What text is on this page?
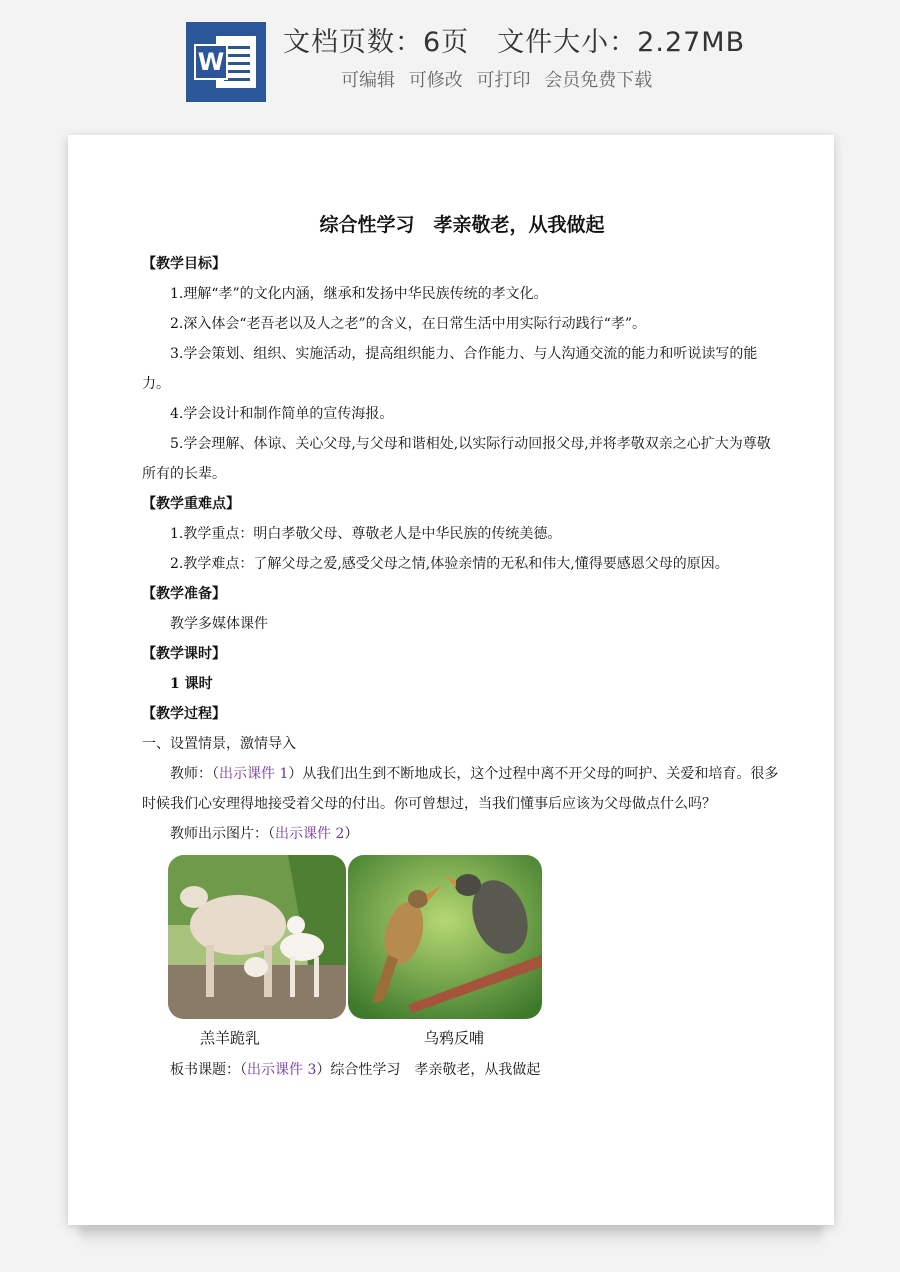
W
文档页数：6页 文件大小：2.27MB
可编辑 可修改 可打印 会员免费下载
综合性学习　孝亲敬老，从我做起

【教学目标】

1.理解“孝”的文化内涵，继承和发扬中华民族传统的孝文化。

2.深入体会“老吾老以及人之老”的含义，在日常生活中用实际行动践行“孝”。

3.学会策划、组织、实施活动，提高组织能力、合作能力、与人沟通交流的能力和听说读写的能力。

4.学会设计和制作简单的宣传海报。

5.学会理解、体谅、关心父母,与父母和谐相处,以实际行动回报父母,并将孝敬双亲之心扩大为尊敬所有的长辈。

【教学重难点】

1.教学重点：明白孝敬父母、尊敬老人是中华民族的传统美德。

2.教学难点：了解父母之爱,感受父母之情,体验亲情的无私和伟大,懂得要感恩父母的原因。

【教学准备】

教学多媒体课件

【教学课时】

1 课时

【教学过程】

一、设置情景，激情导入

教师：（出示课件 1）从我们出生到不断地成长，这个过程中离不开父母的呵护、关爱和培育。很多时候我们心安理得地接受着父母的付出。你可曾想过，当我们懂事后应该为父母做点什么吗？

教师出示图片：（出示课件 2）

羔羊跪乳	乌鸦反哺

板书课题：（出示课件 3）综合性学习　孝亲敬老，从我做起
